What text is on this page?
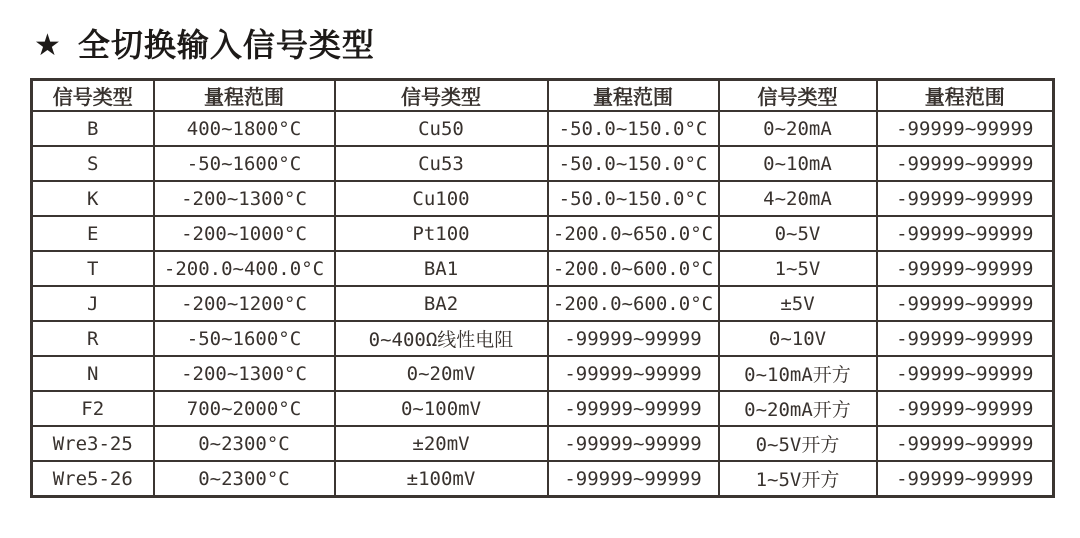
★ 全切换输入信号类型
信号类型	量程范围	信号类型	量程范围	信号类型	量程范围
B	400~1800°C	Cu50	-50.0~150.0°C	0~20mA	-99999~99999
S	-50~1600°C	Cu53	-50.0~150.0°C	0~10mA	-99999~99999
K	-200~1300°C	Cu100	-50.0~150.0°C	4~20mA	-99999~99999
E	-200~1000°C	Pt100	-200.0~650.0°C	0~5V	-99999~99999
T	-200.0~400.0°C	BA1	-200.0~600.0°C	1~5V	-99999~99999
J	-200~1200°C	BA2	-200.0~600.0°C	±5V	-99999~99999
R	-50~1600°C	0~400Ω线性电阻	-99999~99999	0~10V	-99999~99999
N	-200~1300°C	0~20mV	-99999~99999	0~10mA开方	-99999~99999
F2	700~2000°C	0~100mV	-99999~99999	0~20mA开方	-99999~99999
Wre3-25	0~2300°C	±20mV	-99999~99999	0~5V开方	-99999~99999
Wre5-26	0~2300°C	±100mV	-99999~99999	1~5V开方	-99999~99999
